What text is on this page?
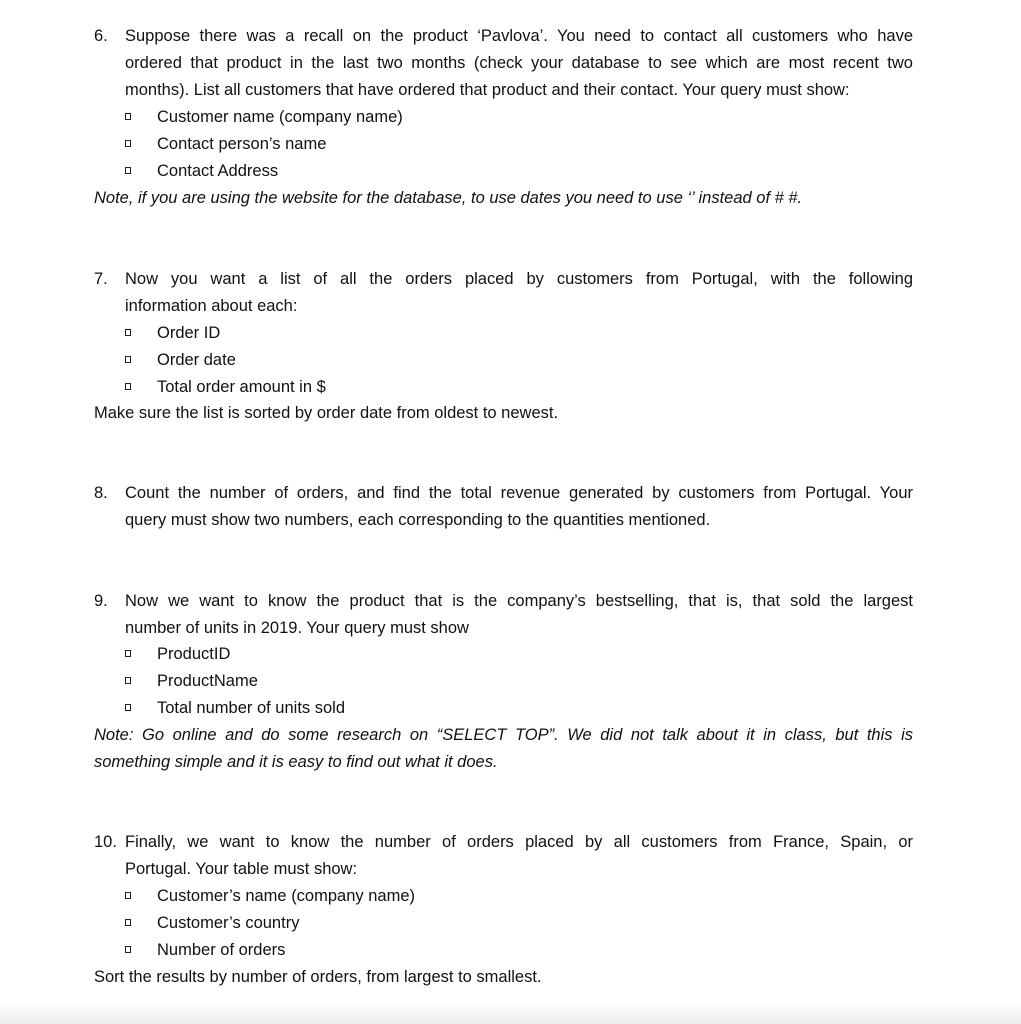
6. Suppose there was a recall on the product ‘Pavlova’. You need to contact all customers who have
ordered that product in the last two months (check your database to see which are most recent two
months). List all customers that have ordered that product and their contact. Your query must show:
Customer name (company name)
Contact person’s name
Contact Address
Note, if you are using the website for the database, to use dates you need to use ‘’ instead of # #.
7. Now you want a list of all the orders placed by customers from Portugal, with the following
information about each:
Order ID
Order date
Total order amount in $
Make sure the list is sorted by order date from oldest to newest.
8. Count the number of orders, and find the total revenue generated by customers from Portugal. Your
query must show two numbers, each corresponding to the quantities mentioned.
9. Now we want to know the product that is the company’s bestselling, that is, that sold the largest
number of units in 2019. Your query must show
ProductID
ProductName
Total number of units sold
Note: Go online and do some research on “SELECT TOP”. We did not talk about it in class, but this is
something simple and it is easy to find out what it does.
10. Finally, we want to know the number of orders placed by all customers from France, Spain, or
Portugal. Your table must show:
Customer’s name (company name)
Customer’s country
Number of orders
Sort the results by number of orders, from largest to smallest.
